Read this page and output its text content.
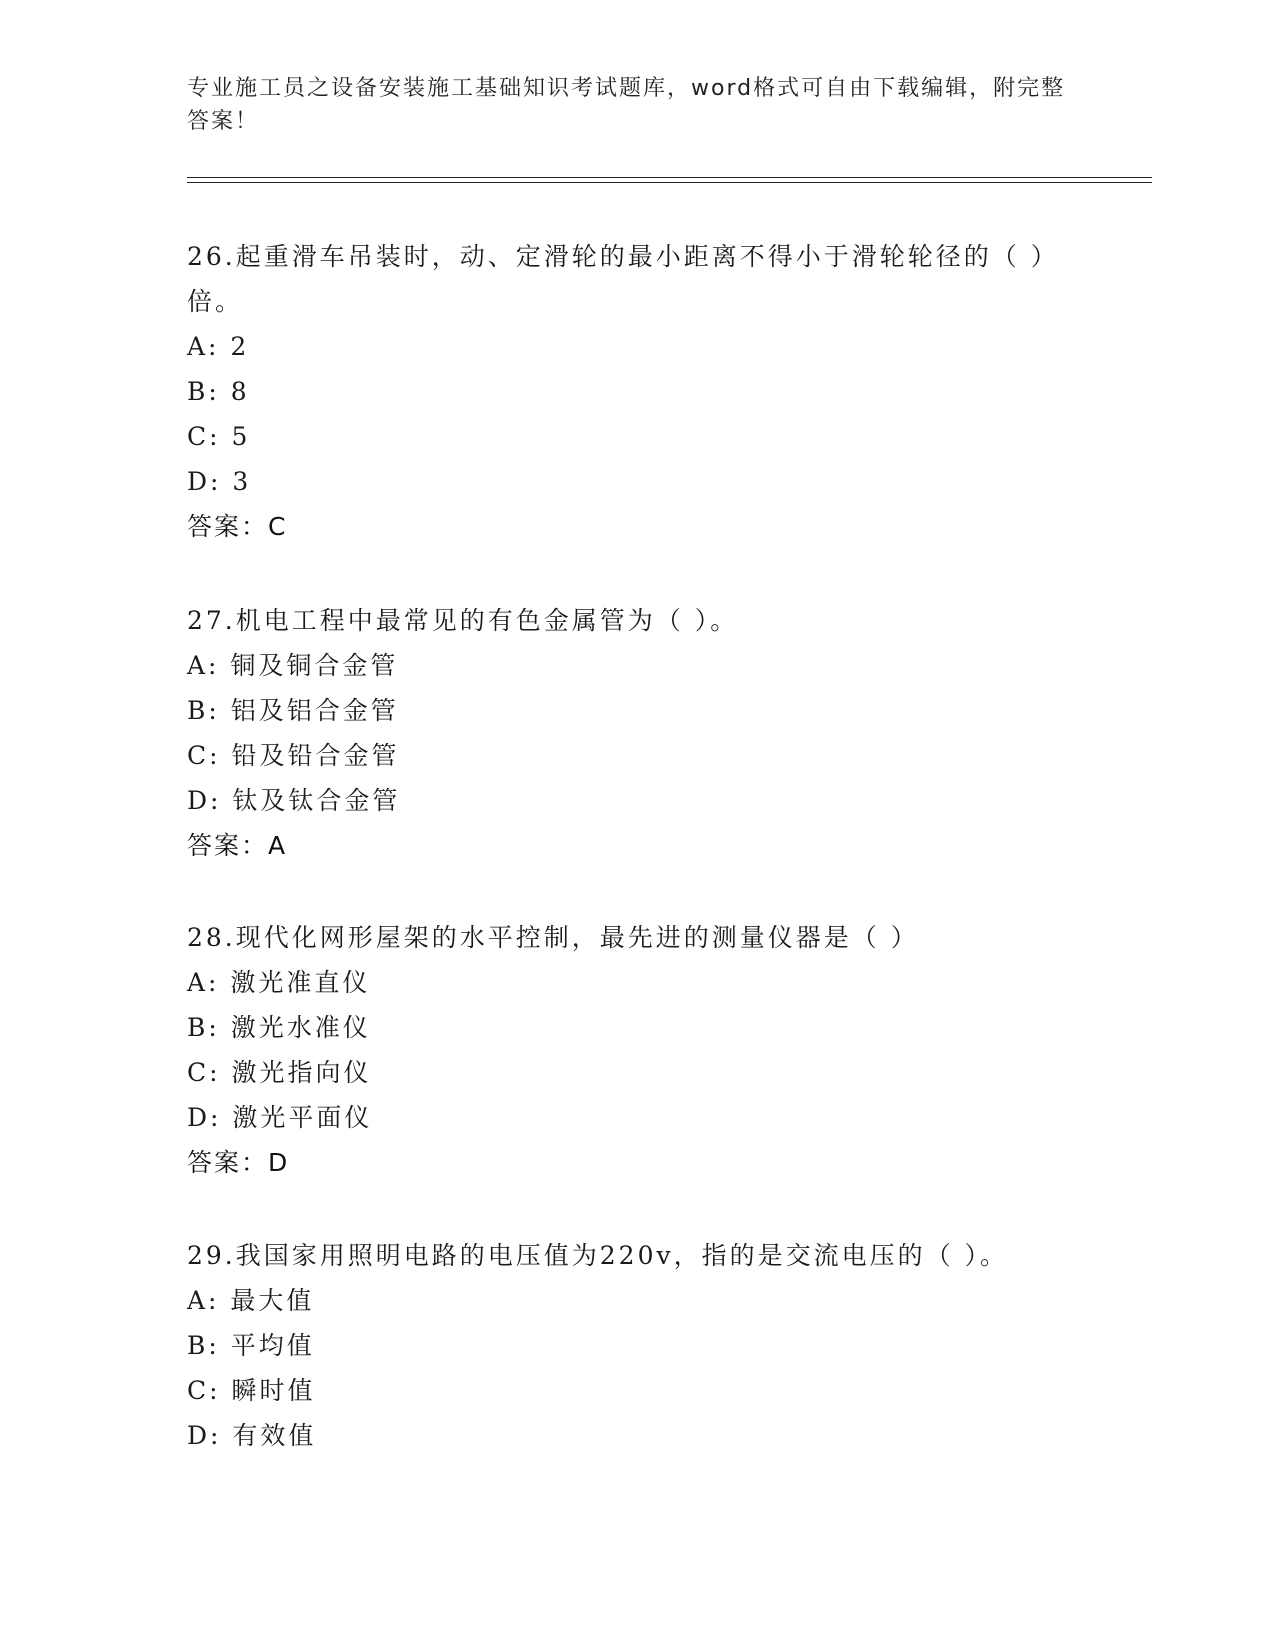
专业施工员之设备安装施工基础知识考试题库，word格式可自由下载编辑，附完整答案！

26.起重滑车吊装时，动、定滑轮的最小距离不得小于滑轮轮径的（ ）倍。

A: 2

B: 8

C: 5

D: 3

答案：C

27.机电工程中最常见的有色金属管为（ ）。

A: 铜及铜合金管

B: 铝及铝合金管

C: 铅及铅合金管

D: 钛及钛合金管

答案：A

28.现代化网形屋架的水平控制，最先进的测量仪器是（ ）

A: 激光准直仪

B: 激光水准仪

C: 激光指向仪

D: 激光平面仪

答案：D

29.我国家用照明电路的电压值为220v，指的是交流电压的（ ）。

A: 最大值

B: 平均值

C: 瞬时值

D: 有效值
